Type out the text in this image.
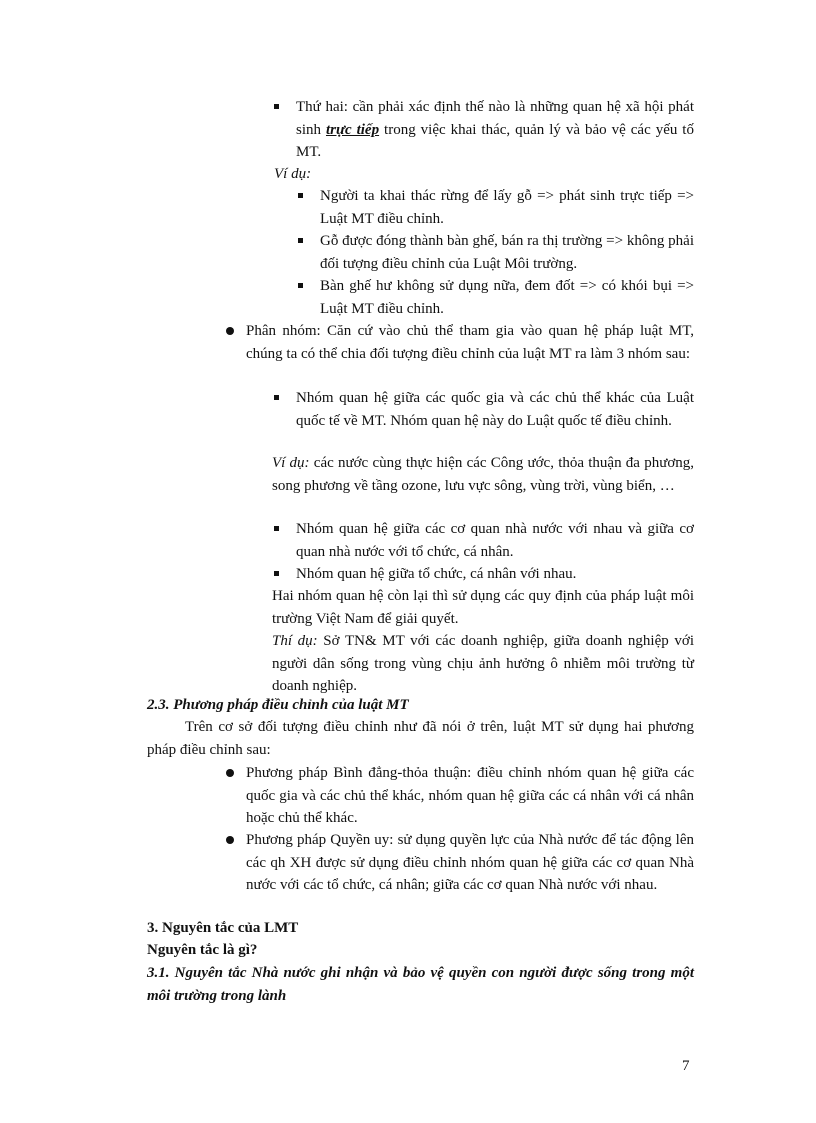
Thứ hai: cần phải xác định thế nào là những quan hệ xã hội phát sinh trực tiếp trong việc khai thác, quản lý và bảo vệ các yếu tố MT.
Ví dụ:
Người ta khai thác rừng để lấy gỗ => phát sinh trực tiếp => Luật MT điều chỉnh.
Gỗ được đóng thành bàn ghế, bán ra thị trường => không phải đối tượng điều chỉnh của Luật Môi trường.
Bàn ghế hư không sử dụng nữa, đem đốt => có khói bụi => Luật MT điều chỉnh.
Phân nhóm: Căn cứ vào chủ thể tham gia vào quan hệ pháp luật MT, chúng ta có thể chia đối tượng điều chỉnh của luật MT ra làm 3 nhóm sau:
Nhóm quan hệ giữa các quốc gia và các chủ thể khác của Luật quốc tế về MT. Nhóm quan hệ này do Luật quốc tế điều chỉnh.
Ví dụ: các nước cùng thực hiện các Công ước, thỏa thuận đa phương, song phương về tầng ozone, lưu vực sông, vùng trời, vùng biển, …
Nhóm quan hệ giữa các cơ quan nhà nước với nhau và giữa cơ quan nhà nước với tổ chức, cá nhân.
Nhóm quan hệ giữa tổ chức, cá nhân với nhau.
Hai nhóm quan hệ còn lại thì sử dụng các quy định của pháp luật môi trường Việt Nam để giải quyết.
Thí dụ: Sở TN& MT với các doanh nghiệp, giữa doanh nghiệp với người dân sống trong vùng chịu ảnh hưởng ô nhiễm môi trường từ doanh nghiệp.
2.3. Phương pháp điều chỉnh của luật MT
Trên cơ sở đối tượng điều chỉnh như đã nói ở trên, luật MT sử dụng hai phương pháp điều chỉnh sau:
Phương pháp Bình đẳng-thỏa thuận: điều chỉnh nhóm quan hệ giữa các quốc gia và các chủ thể khác, nhóm quan hệ giữa các cá nhân với cá nhân hoặc chủ thể khác.
Phương pháp Quyền uy: sử dụng quyền lực của Nhà nước để tác động lên các qh XH được sử dụng điều chỉnh nhóm quan hệ giữa các cơ quan Nhà nước với các tổ chức, cá nhân; giữa các cơ quan Nhà nước với nhau.
3. Nguyên tắc của LMT
Nguyên tắc là gì?
3.1. Nguyên tắc Nhà nước ghi nhận và bảo vệ quyền con người được sống trong một môi trường trong lành
7
